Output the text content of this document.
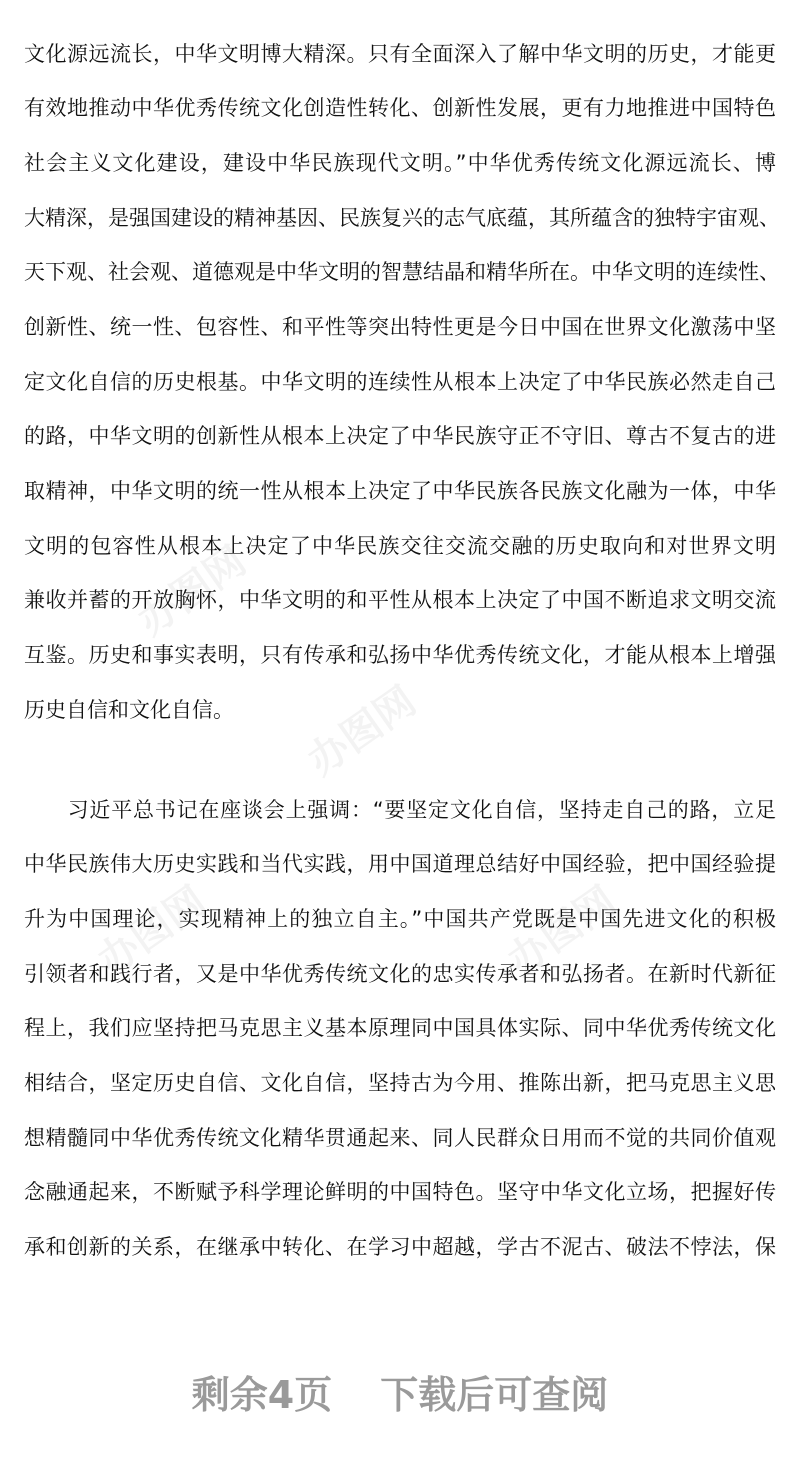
办图网
办图网
办图网	办图网
文化源远流长，中华文明博大精深。只有全面深入了解中华文明的历史，才能更
有效地推动中华优秀传统文化创造性转化、创新性发展，更有力地推进中国特色
社会主义文化建设，建设中华民族现代文明。”中华优秀传统文化源远流长、博
大精深，是强国建设的精神基因、民族复兴的志气底蕴，其所蕴含的独特宇宙观、
天下观、社会观、道德观是中华文明的智慧结晶和精华所在。中华文明的连续性、
创新性、统一性、包容性、和平性等突出特性更是今日中国在世界文化激荡中坚
定文化自信的历史根基。中华文明的连续性从根本上决定了中华民族必然走自己
的路，中华文明的创新性从根本上决定了中华民族守正不守旧、尊古不复古的进
取精神，中华文明的统一性从根本上决定了中华民族各民族文化融为一体，中华
文明的包容性从根本上决定了中华民族交往交流交融的历史取向和对世界文明
兼收并蓄的开放胸怀，中华文明的和平性从根本上决定了中国不断追求文明交流
互鉴。历史和事实表明，只有传承和弘扬中华优秀传统文化，才能从根本上增强
历史自信和文化自信。
　　习近平总书记在座谈会上强调：“要坚定文化自信，坚持走自己的路，立足
中华民族伟大历史实践和当代实践，用中国道理总结好中国经验，把中国经验提
升为中国理论，实现精神上的独立自主。”中国共产党既是中国先进文化的积极
引领者和践行者，又是中华优秀传统文化的忠实传承者和弘扬者。在新时代新征
程上，我们应坚持把马克思主义基本原理同中国具体实际、同中华优秀传统文化
相结合，坚定历史自信、文化自信，坚持古为今用、推陈出新，把马克思主义思
想精髓同中华优秀传统文化精华贯通起来、同人民群众日用而不觉的共同价值观
念融通起来，不断赋予科学理论鲜明的中国特色。坚守中华文化立场，把握好传
承和创新的关系，在继承中转化、在学习中超越，学古不泥古、破法不悖法，保
剩余4页 下载后可查阅
